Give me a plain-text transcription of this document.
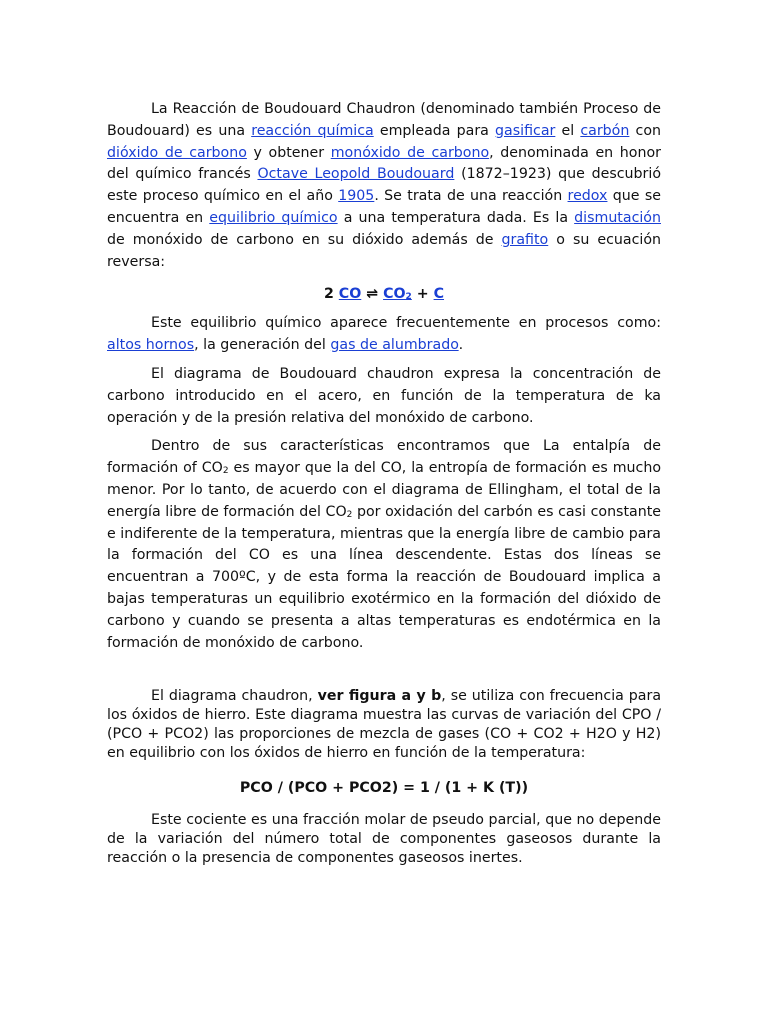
La Reacción de Boudouard Chaudron (denominado también Proceso de Boudouard) es una reacción química empleada para gasificar el carbón con dióxido de carbono y obtener monóxido de carbono, denominada en honor del químico francés Octave Leopold Boudouard (1872–1923) que descubrió este proceso químico en el año 1905. Se trata de una reacción redox que se encuentra en equilibrio químico a una temperatura dada. Es la dismutación de monóxido de carbono en su dióxido además de grafito o su ecuación reversa:

2 CO ⇌ $CO_2 + C$

Este equilibrio químico aparece frecuentemente en procesos como: altos hornos, la generación del gas de alumbrado.

El diagrama de Boudouard chaudron expresa la concentración de carbono introducido en el acero, en función de la temperatura de ka operación y de la presión relativa del monóxido de carbono.

Dentro de sus características encontramos que La entalpía de formación of $CO_2$ es mayor que la del CO, la entropía de formación es mucho menor. Por lo tanto, de acuerdo con el diagrama de Ellingham, el total de la energía libre de formación del $CO_2$ por oxidación del carbón es casi constante e indiferente de la temperatura, mientras que la energía libre de cambio para la formación del CO es una línea descendente. Estas dos líneas se encuentran a 700ºC, y de esta forma la reacción de Boudouard implica a bajas temperaturas un equilibrio exotérmico en la formación del dióxido de carbono y cuando se presenta a altas temperaturas es endotérmica en la formación de monóxido de carbono.

El diagrama chaudron, ver figura a y b, se utiliza con frecuencia para los óxidos de hierro. Este diagrama muestra las curvas de variación del CPO / (PCO + PCO2) las proporciones de mezcla de gases (CO + CO2 + H2O y H2) en equilibrio con los óxidos de hierro en función de la temperatura:

PCO / (PCO + PCO2) = 1 / (1 + K (T))

Este cociente es una fracción molar de pseudo parcial, que no depende de la variación del número total de componentes gaseosos durante la reacción o la presencia de componentes gaseosos inertes.
